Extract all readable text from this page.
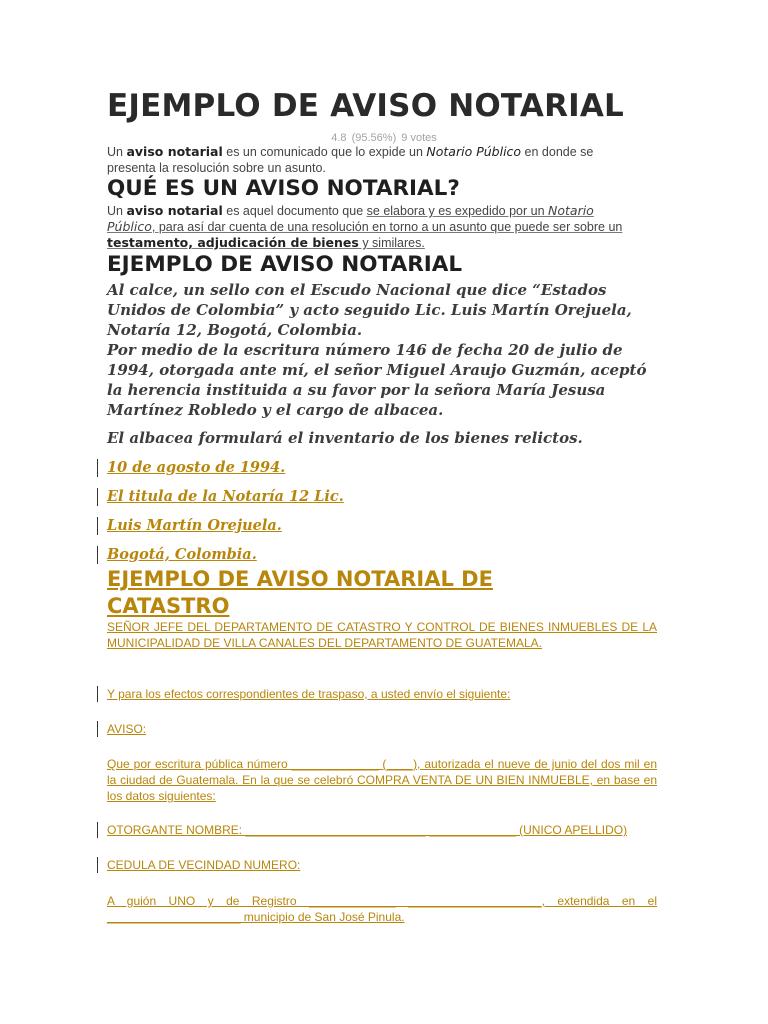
EJEMPLO DE AVISO NOTARIAL
4.8 (95.56%) 9 votes
Un aviso notarial es un comunicado que lo expide un Notario Público en donde se presenta la resolución sobre un asunto.
QUÉ ES UN AVISO NOTARIAL?
Un aviso notarial es aquel documento que se elabora y es expedido por un Notario Público, para así dar cuenta de una resolución en torno a un asunto que puede ser sobre un testamento, adjudicación de bienes y similares.
EJEMPLO DE AVISO NOTARIAL

Al calce, un sello con el Escudo Nacional que dice “Estados Unidos de Colombia” y acto seguido Lic. Luis Martín Orejuela, Notaría 12, Bogotá, Colombia.

Por medio de la escritura número 146 de fecha 20 de julio de 1994, otorgada ante mí, el señor Miguel Araujo Guzmán, aceptó la herencia instituida a su favor por la señora María Jesusa Martínez Robledo y el cargo de albacea.

El albacea formulará el inventario de los bienes relictos.

10 de agosto de 1994.
El titula de la Notaría 12 Lic.
Luis Martín Orejuela.
Bogotá, Colombia.
EJEMPLO DE AVISO NOTARIAL DE
CATASTRO
SEÑOR JEFE DEL DEPARTAMENTO DE CATASTRO Y CONTROL DE BIENES INMUEBLES DE LA MUNICIPALIDAD DE VILLA CANALES DEL DEPARTAMENTO DE GUATEMALA.
Y para los efectos correspondientes de traspaso, a usted envío el siguiente:
AVISO:
Que por escritura pública número _____________ (____), autorizada el nueve de junio del dos mil en la ciudad de Guatemala. En la que se celebró COMPRA VENTA DE UN BIEN INMUEBLE, en base en los datos siguientes:
OTORGANTE NOMBRE: ___________________________ _____________ (UNICO APELLIDO)
CEDULA DE VECINDAD NUMERO:
A guión UNO y de Registro _____________ ____________________, extendida en el ____________________ municipio de San José Pinula.
